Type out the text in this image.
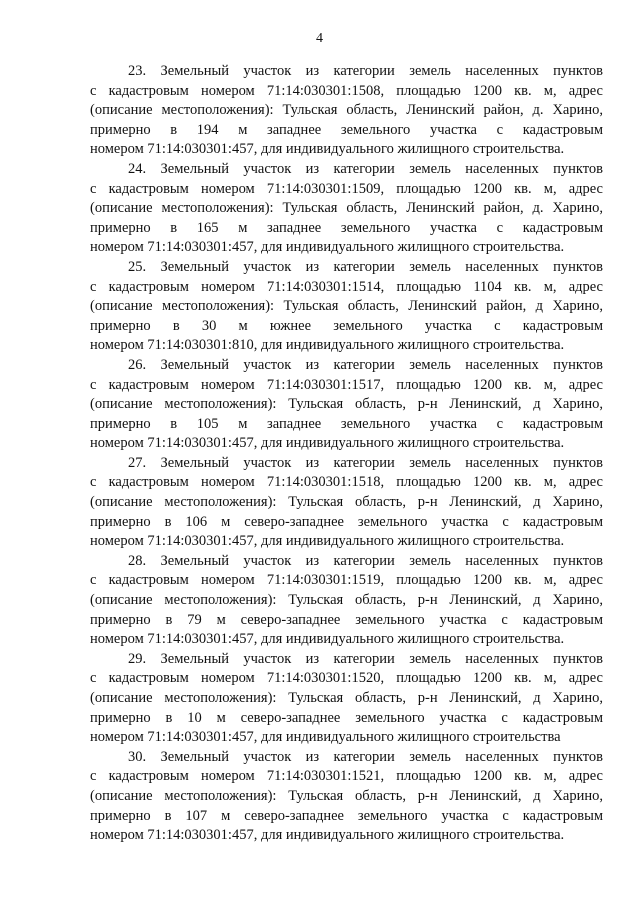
4
23. Земельный участок из категории земель населенных пунктов
с кадастровым номером 71:14:030301:1508, площадью 1200 кв. м, адрес
(описание местоположения): Тульская область, Ленинский район, д. Харино,
примерно в 194 м западнее земельного участка с кадастровым
номером 71:14:030301:457, для индивидуального жилищного строительства.
24. Земельный участок из категории земель населенных пунктов
с кадастровым номером 71:14:030301:1509, площадью 1200 кв. м, адрес
(описание местоположения): Тульская область, Ленинский район, д. Харино,
примерно в 165 м западнее земельного участка с кадастровым
номером 71:14:030301:457, для индивидуального жилищного строительства.
25. Земельный участок из категории земель населенных пунктов
с кадастровым номером 71:14:030301:1514, площадью 1104 кв. м, адрес
(описание местоположения): Тульская область, Ленинский район, д Харино,
примерно в 30 м южнее земельного участка с кадастровым
номером 71:14:030301:810, для индивидуального жилищного строительства.
26. Земельный участок из категории земель населенных пунктов
с кадастровым номером 71:14:030301:1517, площадью 1200 кв. м, адрес
(описание местоположения): Тульская область, р-н Ленинский, д Харино,
примерно в 105 м западнее земельного участка с кадастровым
номером 71:14:030301:457, для индивидуального жилищного строительства.
27. Земельный участок из категории земель населенных пунктов
с кадастровым номером 71:14:030301:1518, площадью 1200 кв. м, адрес
(описание местоположения): Тульская область, р-н Ленинский, д Харино,
примерно в 106 м северо-западнее земельного участка с кадастровым
номером 71:14:030301:457, для индивидуального жилищного строительства.
28. Земельный участок из категории земель населенных пунктов
с кадастровым номером 71:14:030301:1519, площадью 1200 кв. м, адрес
(описание местоположения): Тульская область, р-н Ленинский, д Харино,
примерно в 79 м северо-западнее земельного участка с кадастровым
номером 71:14:030301:457, для индивидуального жилищного строительства.
29. Земельный участок из категории земель населенных пунктов
с кадастровым номером 71:14:030301:1520, площадью 1200 кв. м, адрес
(описание местоположения): Тульская область, р-н Ленинский, д Харино,
примерно в 10 м северо-западнее земельного участка с кадастровым
номером 71:14:030301:457, для индивидуального жилищного строительства
30. Земельный участок из категории земель населенных пунктов
с кадастровым номером 71:14:030301:1521, площадью 1200 кв. м, адрес
(описание местоположения): Тульская область, р-н Ленинский, д Харино,
примерно в 107 м северо-западнее земельного участка с кадастровым
номером 71:14:030301:457, для индивидуального жилищного строительства.
